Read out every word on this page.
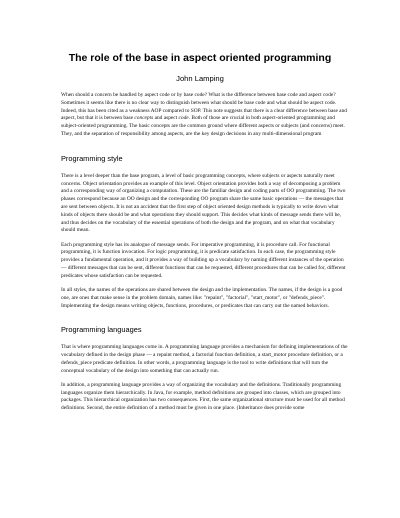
The role of the base in aspect oriented programming
John Lamping

When should a concern be handled by aspect code or by base code? What is the difference between base code and aspect code? Sometimes it seems like there is no clear way to distinguish between what should be base code and what should be aspect code. Indeed, this has been cited as a weakness AOP compared to SOP. This note suggests that there is a clear difference between base and aspect, but that it is between base concepts and aspect code. Both of those are crucial in both aspect-oriented programming and subject-oriented programming. The basic concepts are the common ground where different aspects or subjects (and concerns) meet. They, and the separation of responsibility among aspects, are the key design decisions in any multi-dimensional program

Programming style

There is a level deeper than the base program, a level of basic programming concepts, where subjects or aspects naturally meet concerns. Object orientation provides an example of this level. Object orientation provides both a way of decomposing a problem and a corresponding way of organizing a computation. These are the familiar design and coding parts of OO programming. The two phases correspond because an OO design and the corresponding OO program share the same basic operations — the messages that are sent between objects. It is not an accident that the first step of object oriented design methods is typically to write down what kinds of objects there should be and what operations they should support. This decides what kinds of message sends there will be, and thus decides on the vocabulary of the essential operations of both the design and the program, and on what that vocabulary should mean.

Each programming style has its analogue of message sends. For imperative programming, it is procedure call. For functional programming, it is function invocation. For logic programming, it is predicate satisfaction. In each case, the programming style provides a fundamental operation, and it provides a way of building up a vocabulary by naming different instances of the operation — different messages that can be sent, different functions that can be requested, different procedures that can be called for, different predicates whose satisfaction can be requested.

In all styles, the names of the operations are shared between the design and the implementation. The names, if the design is a good one, are ones that make sense in the problem domain, names like: "repaint", "factorial", "start_motor", or "defends_piece". Implementing the design means writing objects, functions, procedures, or predicates that can carry out the named behaviors.

Programming languages

That is where programming languages come in. A programming language provides a mechanism for defining implementations of the vocabulary defined in the design phase — a repaint method, a factorial function definition, a start_motor procedure definition, or a defends_piece predicate definition. In other words, a programming language is the tool to write definitions that will turn the conceptual vocabulary of the design into something that can actually run.

In addition, a programming language provides a way of organizing the vocabulary and the definitions. Traditionally programming languages organize them hierarchically. In Java, for example, method definitions are grouped into classes, which are grouped into packages. This hierarchical organization has two consequences. First, the same organizational structure must be used for all method definitions. Second, the entire definition of a method must be given in one place. (Inheritance does provide some
